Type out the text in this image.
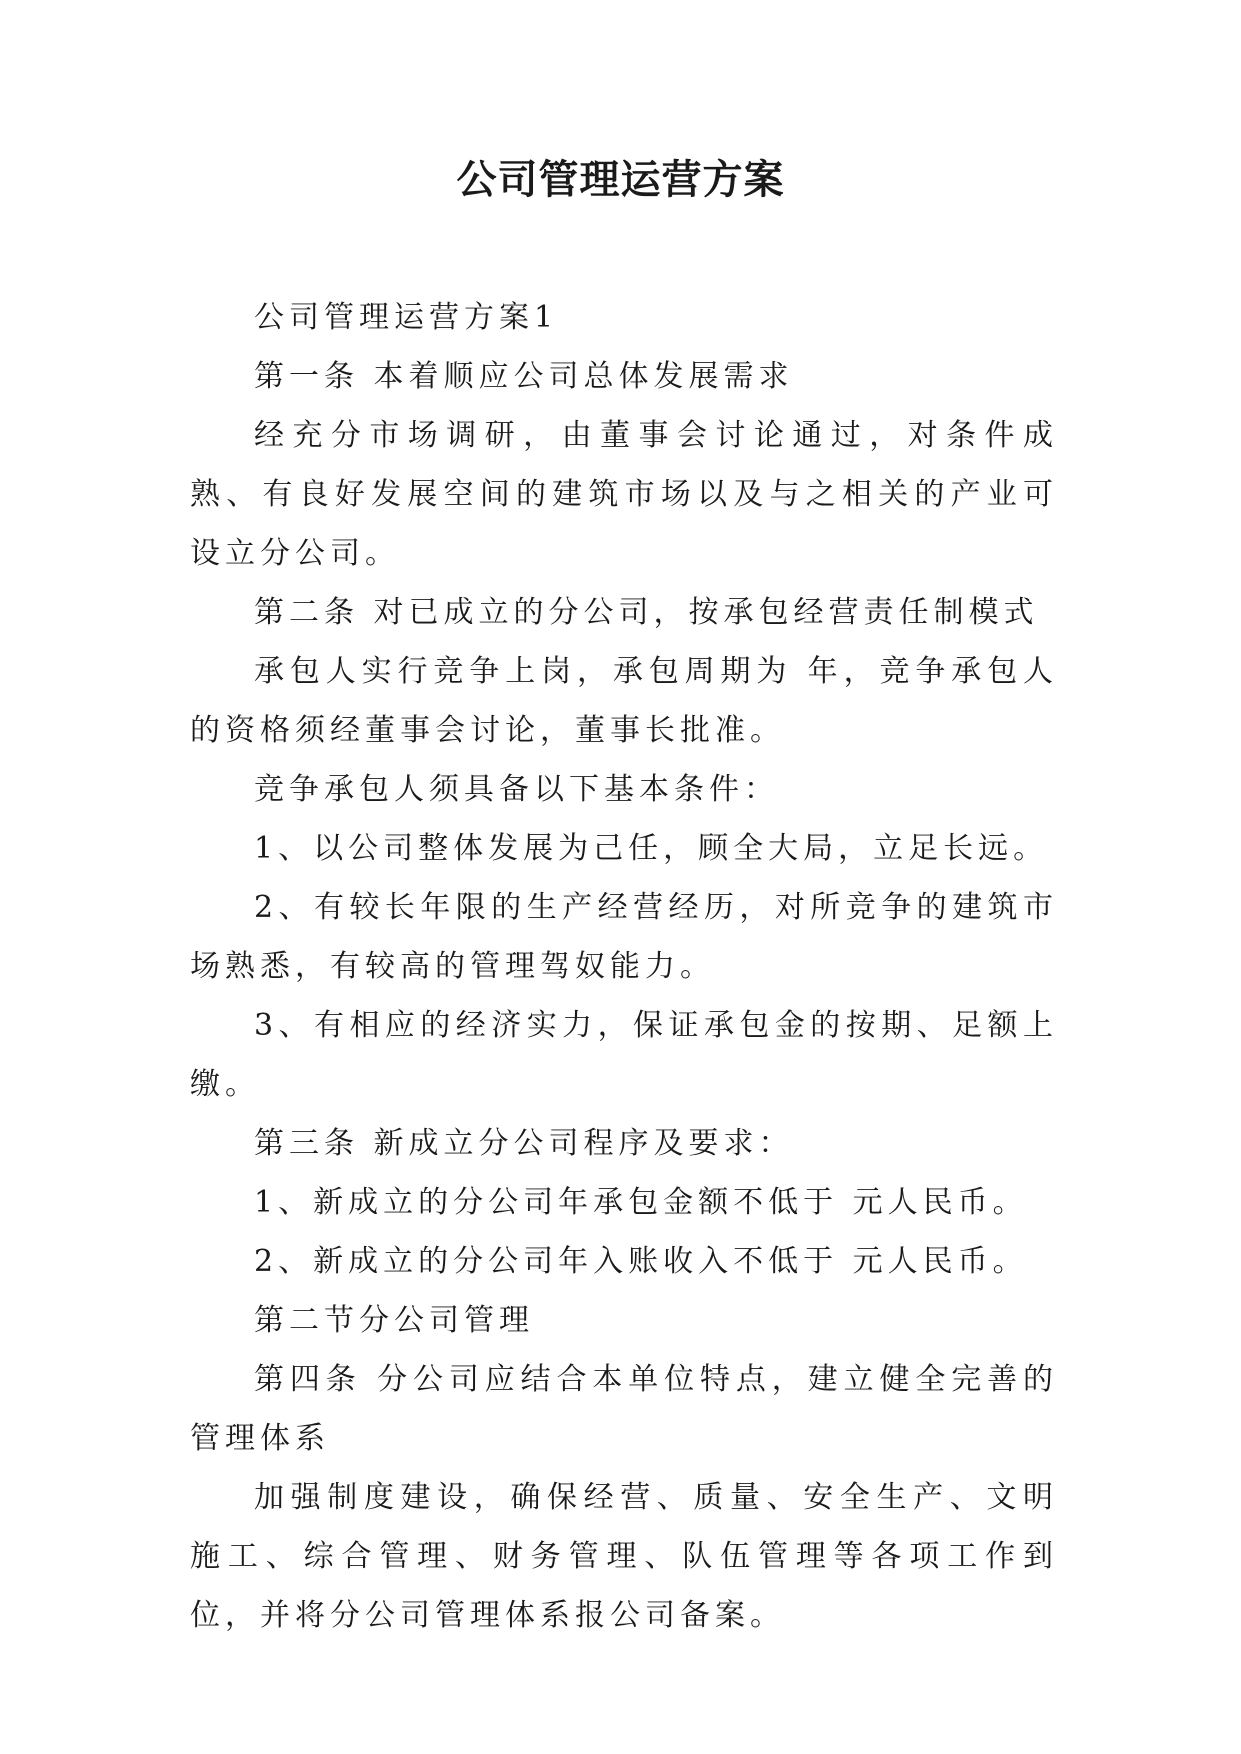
公司管理运营方案

公司管理运营方案1

第一条 本着顺应公司总体发展需求

经充分市场调研，由董事会讨论通过，对条件成熟、有良好发展空间的建筑市场以及与之相关的产业可设立分公司。

第二条 对已成立的分公司，按承包经营责任制模式

承包人实行竞争上岗，承包周期为 年，竞争承包人的资格须经董事会讨论，董事长批准。

竞争承包人须具备以下基本条件：

1、以公司整体发展为己任，顾全大局，立足长远。

2、有较长年限的生产经营经历，对所竞争的建筑市场熟悉，有较高的管理驾奴能力。

3、有相应的经济实力，保证承包金的按期、足额上缴。

第三条 新成立分公司程序及要求：

1、新成立的分公司年承包金额不低于 元人民币。

2、新成立的分公司年入账收入不低于 元人民币。

第二节分公司管理

第四条 分公司应结合本单位特点，建立健全完善的管理体系

加强制度建设，确保经营、质量、安全生产、文明施工、综合管理、财务管理、队伍管理等各项工作到位，并将分公司管理体系报公司备案。
